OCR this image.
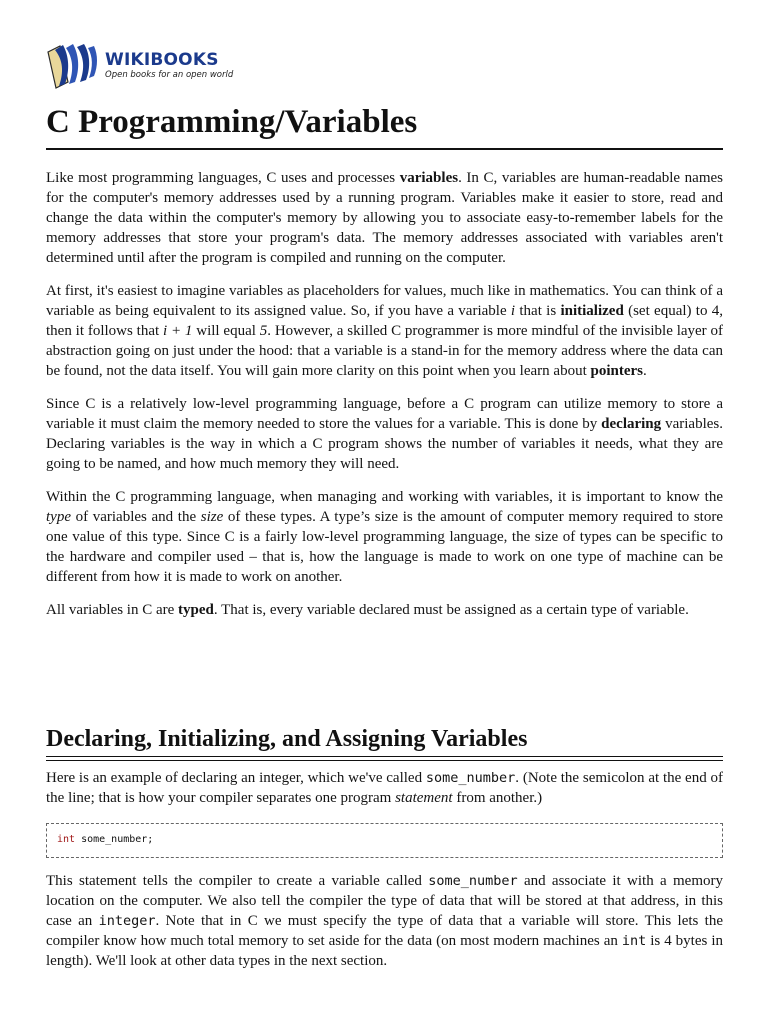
WIKIBOOKS
Open books for an open world
C Programming/Variables

Like most programming languages, C uses and processes variables. In C, variables are human-readable names for the computer's memory addresses used by a running program. Variables make it easier to store, read and change the data within the computer's memory by allowing you to associate easy-to-remember labels for the memory addresses that store your program's data. The memory addresses associated with variables aren't determined until after the program is compiled and running on the computer.

At first, it's easiest to imagine variables as placeholders for values, much like in mathematics. You can think of a variable as being equivalent to its assigned value. So, if you have a variable i that is initialized (set equal) to 4, then it follows that i + 1 will equal 5. However, a skilled C programmer is more mindful of the invisible layer of abstraction going on just under the hood: that a variable is a stand-in for the memory address where the data can be found, not the data itself. You will gain more clarity on this point when you learn about pointers.

Since C is a relatively low-level programming language, before a C program can utilize memory to store a variable it must claim the memory needed to store the values for a variable. This is done by declaring variables. Declaring variables is the way in which a C program shows the number of variables it needs, what they are going to be named, and how much memory they will need.

Within the C programming language, when managing and working with variables, it is important to know the type of variables and the size of these types. A type’s size is the amount of computer memory required to store one value of this type. Since C is a fairly low-level programming language, the size of types can be specific to the hardware and compiler used – that is, how the language is made to work on one type of machine can be different from how it is made to work on another.

All variables in C are typed. That is, every variable declared must be assigned as a certain type of variable.

Declaring, Initializing, and Assigning Variables

Here is an example of declaring an integer, which we've called some_number. (Note the semicolon at the end of the line; that is how your compiler separates one program statement from another.)

int some_number;

This statement tells the compiler to create a variable called some_number and associate it with a memory location on the computer. We also tell the compiler the type of data that will be stored at that address, in this case an integer. Note that in C we must specify the type of data that a variable will store. This lets the compiler know how much total memory to set aside for the data (on most modern machines an int is 4 bytes in length). We'll look at other data types in the next section.
